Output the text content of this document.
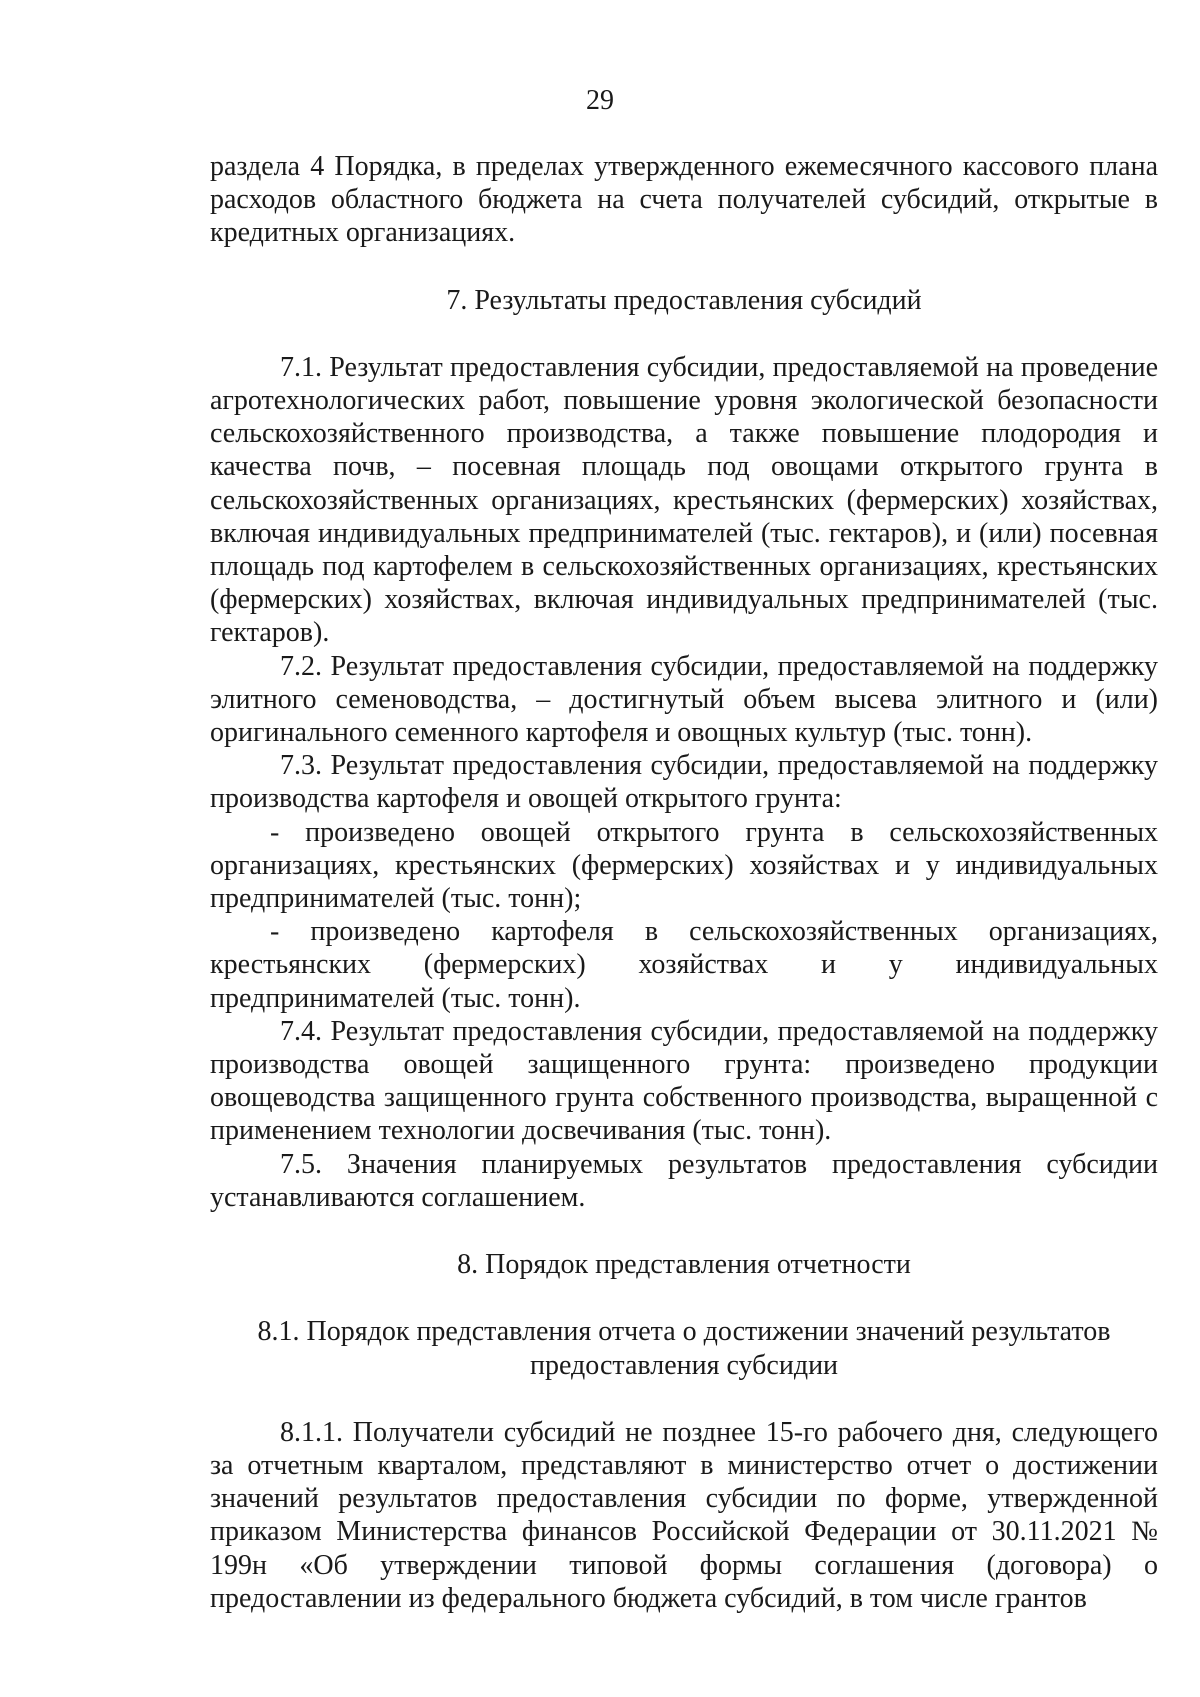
29

раздела 4 Порядка, в пределах утвержденного ежемесячного кассового плана расходов областного бюджета на счета получателей субсидий, открытые в кредитных организациях.

7. Результаты предоставления субсидий

7.1. Результат предоставления субсидии, предоставляемой на проведение агротехнологических работ, повышение уровня экологической безопасности сельскохозяйственного производства, а также повышение плодородия и качества почв, – посевная площадь под овощами открытого грунта в сельскохозяйственных организациях, крестьянских (фермерских) хозяйствах, включая индивидуальных предпринимателей (тыс. гектаров), и (или) посевная площадь под картофелем в сельскохозяйственных организациях, крестьянских (фермерских) хозяйствах, включая индивидуальных предпринимателей (тыс. гектаров).

7.2. Результат предоставления субсидии, предоставляемой на поддержку элитного семеноводства, – достигнутый объем высева элитного и (или) оригинального семенного картофеля и овощных культур (тыс. тонн).

7.3. Результат предоставления субсидии, предоставляемой на поддержку производства картофеля и овощей открытого грунта:

- произведено овощей открытого грунта в сельскохозяйственных организациях, крестьянских (фермерских) хозяйствах и у индивидуальных предпринимателей (тыс. тонн);

- произведено картофеля в сельскохозяйственных организациях, крестьянских (фермерских) хозяйствах и у индивидуальных предпринимателей (тыс. тонн).

7.4. Результат предоставления субсидии, предоставляемой на поддержку производства овощей защищенного грунта: произведено продукции овощеводства защищенного грунта собственного производства, выращенной с применением технологии досвечивания (тыс. тонн).

7.5. Значения планируемых результатов предоставления субсидии устанавливаются соглашением.

8. Порядок представления отчетности
8.1. Порядок представления отчета о достижении значений результатов предоставления субсидии

8.1.1. Получатели субсидий не позднее 15-го рабочего дня, следующего за отчетным кварталом, представляют в министерство отчет о достижении значений результатов предоставления субсидии по форме, утвержденной приказом Министерства финансов Российской Федерации от 30.11.2021 № 199н «Об утверждении типовой формы соглашения (договора) о предоставлении из федерального бюджета субсидий, в том числе грантов
